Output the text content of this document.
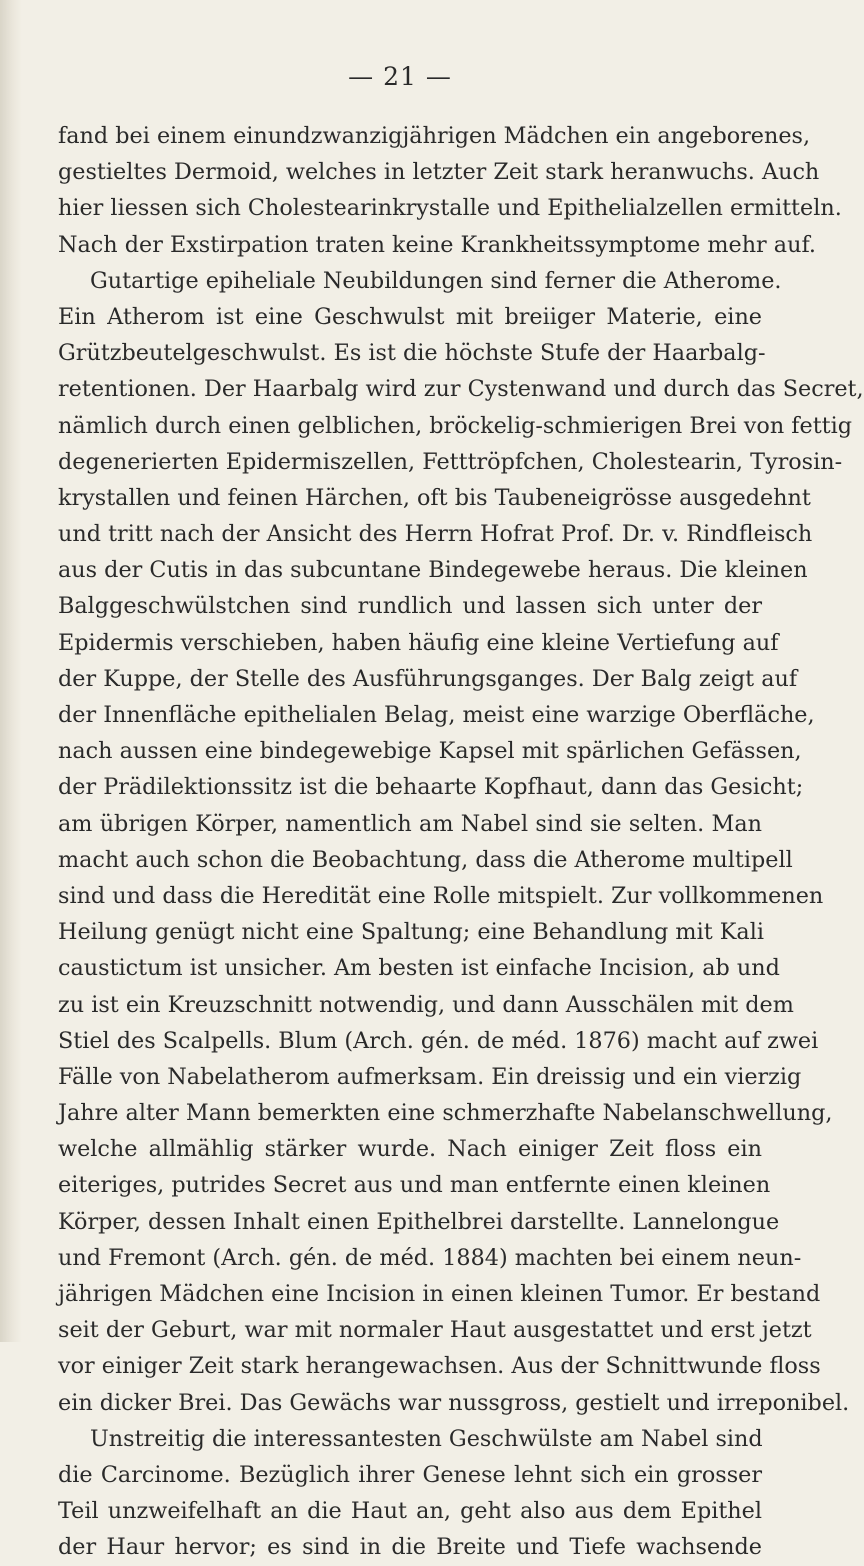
— 21 —
fand bei einem einundzwanzigjährigen Mädchen ein angeborenes,
gestieltes Dermoid, welches in letzter Zeit stark heranwuchs. Auch
hier liessen sich Cholestearinkrystalle und Epithelialzellen ermitteln.
Nach der Exstirpation traten keine Krankheitssymptome mehr auf.
Gutartige epiheliale Neubildungen sind ferner die Atherome.
Ein Atherom ist eine Geschwulst mit breiiger Materie, eine
Grützbeutelgeschwulst. Es ist die höchste Stufe der Haarbalg-
retentionen. Der Haarbalg wird zur Cystenwand und durch das Secret,
nämlich durch einen gelblichen, bröckelig-schmierigen Brei von fettig
degenerierten Epidermiszellen, Fetttröpfchen, Cholestearin, Tyrosin-
krystallen und feinen Härchen, oft bis Taubeneigrösse ausgedehnt
und tritt nach der Ansicht des Herrn Hofrat Prof. Dr. v. Rindfleisch
aus der Cutis in das subcuntane Bindegewebe heraus. Die kleinen
Balggeschwülstchen sind rundlich und lassen sich unter der
Epidermis verschieben, haben häufig eine kleine Vertiefung auf
der Kuppe, der Stelle des Ausführungsganges. Der Balg zeigt auf
der Innenfläche epithelialen Belag, meist eine warzige Oberfläche,
nach aussen eine bindegewebige Kapsel mit spärlichen Gefässen,
der Prädilektionssitz ist die behaarte Kopfhaut, dann das Gesicht;
am übrigen Körper, namentlich am Nabel sind sie selten. Man
macht auch schon die Beobachtung, dass die Atherome multipell
sind und dass die Heredität eine Rolle mitspielt. Zur vollkommenen
Heilung genügt nicht eine Spaltung; eine Behandlung mit Kali
caustictum ist unsicher. Am besten ist einfache Incision, ab und
zu ist ein Kreuzschnitt notwendig, und dann Ausschälen mit dem
Stiel des Scalpells. Blum (Arch. gén. de méd. 1876) macht auf zwei
Fälle von Nabelatherom aufmerksam. Ein dreissig und ein vierzig
Jahre alter Mann bemerkten eine schmerzhafte Nabelanschwellung,
welche allmählig stärker wurde. Nach einiger Zeit floss ein
eiteriges, putrides Secret aus und man entfernte einen kleinen
Körper, dessen Inhalt einen Epithelbrei darstellte. Lannelongue
und Fremont (Arch. gén. de méd. 1884) machten bei einem neun-
jährigen Mädchen eine Incision in einen kleinen Tumor. Er bestand
seit der Geburt, war mit normaler Haut ausgestattet und erst jetzt
vor einiger Zeit stark herangewachsen. Aus der Schnittwunde floss
ein dicker Brei. Das Gewächs war nussgross, gestielt und irreponibel.
Unstreitig die interessantesten Geschwülste am Nabel sind
die Carcinome. Bezüglich ihrer Genese lehnt sich ein grosser
Teil unzweifelhaft an die Haut an, geht also aus dem Epithel
der Haur hervor; es sind in die Breite und Tiefe wachsende
